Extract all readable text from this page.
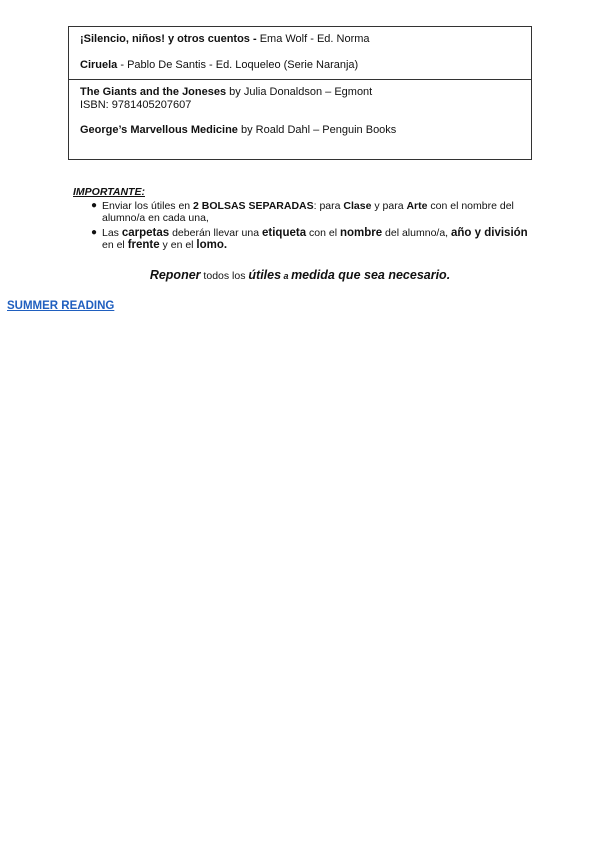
¡Silencio, niños! y otros cuentos - Ema Wolf - Ed. Norma

Ciruela - Pablo De Santis - Ed. Loqueleo (Serie Naranja)

The Giants and the Joneses by Julia Donaldson – Egmont
ISBN: 9781405207607

George’s Marvellous Medicine by Roald Dahl – Penguin Books

IMPORTANTE:

● Enviar los útiles en 2 BOLSAS SEPARADAS: para Clase y para Arte con el nombre del alumno/a en cada una,
● Las carpetas deberán llevar una etiqueta con el nombre del alumno/a, año y división en el frente y en el lomo.

Reponer todos los útiles a medida que sea necesario.

SUMMER READING
